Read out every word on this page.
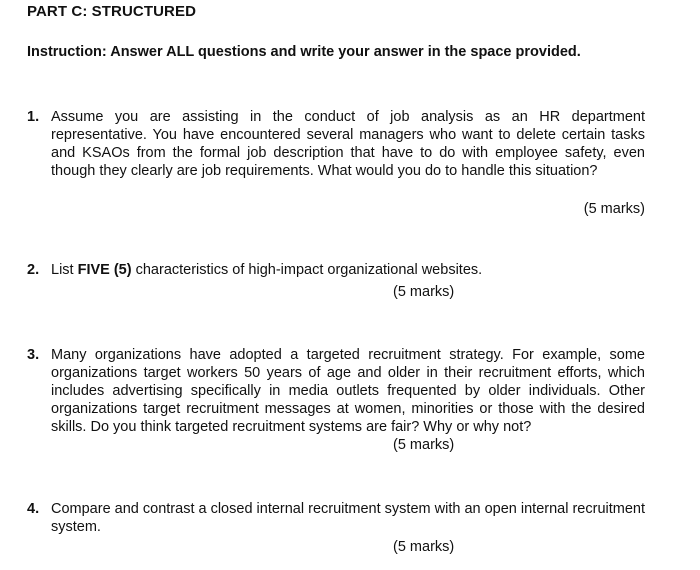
PART C: STRUCTURED
Instruction: Answer ALL questions and write your answer in the space provided.
1. Assume you are assisting in the conduct of job analysis as an HR department representative. You have encountered several managers who want to delete certain tasks and KSAOs from the formal job description that have to do with employee safety, even though they clearly are job requirements. What would you do to handle this situation?
(5 marks)
2. List FIVE (5) characteristics of high-impact organizational websites.
(5 marks)
3. Many organizations have adopted a targeted recruitment strategy. For example, some organizations target workers 50 years of age and older in their recruitment efforts, which includes advertising specifically in media outlets frequented by older individuals. Other organizations target recruitment messages at women, minorities or those with the desired skills. Do you think targeted recruitment systems are fair? Why or why not?
(5 marks)
4. Compare and contrast a closed internal recruitment system with an open internal recruitment system.
(5 marks)
